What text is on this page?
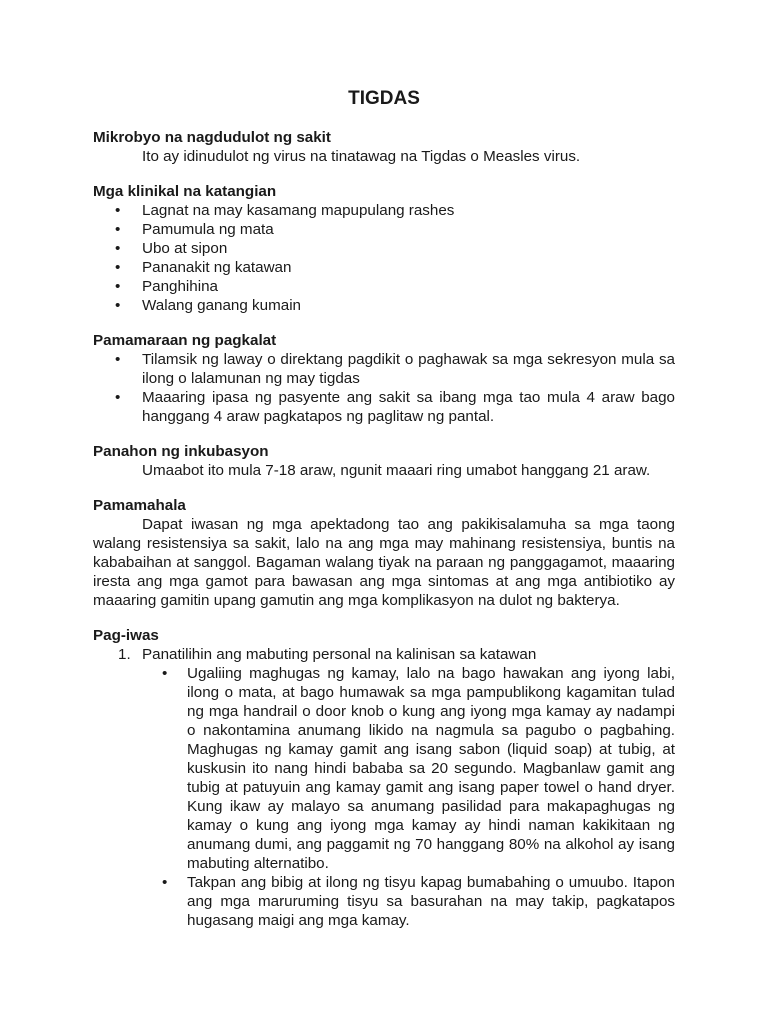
TIGDAS
Mikrobyo na nagdudulot ng sakit

Ito ay idinudulot ng virus na tinatawag na Tigdas o Measles virus.

Mga klinikal na katangian
• Lagnat na may kasamang mapupulang rashes
• Pamumula ng mata
• Ubo at sipon
• Pananakit ng katawan
• Panghihina
• Walang ganang kumain
Pamamaraan ng pagkalat
• Tilamsik ng laway o direktang pagdikit o paghawak sa mga sekresyon mula sa ilong o lalamunan ng may tigdas
• Maaaring ipasa ng pasyente ang sakit sa ibang mga tao mula 4 araw bago hanggang 4 araw pagkatapos ng paglitaw ng pantal.
Panahon ng inkubasyon

Umaabot ito mula 7-18 araw, ngunit maaari ring umabot hanggang 21 araw.

Pamamahala

Dapat iwasan ng mga apektadong tao ang pakikisalamuha sa mga taong walang resistensiya sa sakit, lalo na ang mga may mahinang resistensiya, buntis na kababaihan at sanggol. Bagaman walang tiyak na paraan ng panggagamot, maaaring iresta ang mga gamot para bawasan ang mga sintomas at ang mga antibiotiko ay maaaring gamitin upang gamutin ang mga komplikasyon na dulot ng bakterya.

Pag-iwas
1. Panatilihin ang mabuting personal na kalinisan sa katawan
• Ugaliing maghugas ng kamay, lalo na bago hawakan ang iyong labi, ilong o mata, at bago humawak sa mga pampublikong kagamitan tulad ng mga handrail o door knob o kung ang iyong mga kamay ay nadampi o nakontamina anumang likido na nagmula sa pagubo o pagbahing. Maghugas ng kamay gamit ang isang sabon (liquid soap) at tubig, at kuskusin ito nang hindi bababa sa 20 segundo. Magbanlaw gamit ang tubig at patuyuin ang kamay gamit ang isang paper towel o hand dryer. Kung ikaw ay malayo sa anumang pasilidad para makapaghugas ng kamay o kung ang iyong mga kamay ay hindi naman kakikitaan ng anumang dumi, ang paggamit ng 70 hanggang 80% na alkohol ay isang mabuting alternatibo.
• Takpan ang bibig at ilong ng tisyu kapag bumabahing o umuubo. Itapon ang mga maruruming tisyu sa basurahan na may takip, pagkatapos hugasang maigi ang mga kamay.
